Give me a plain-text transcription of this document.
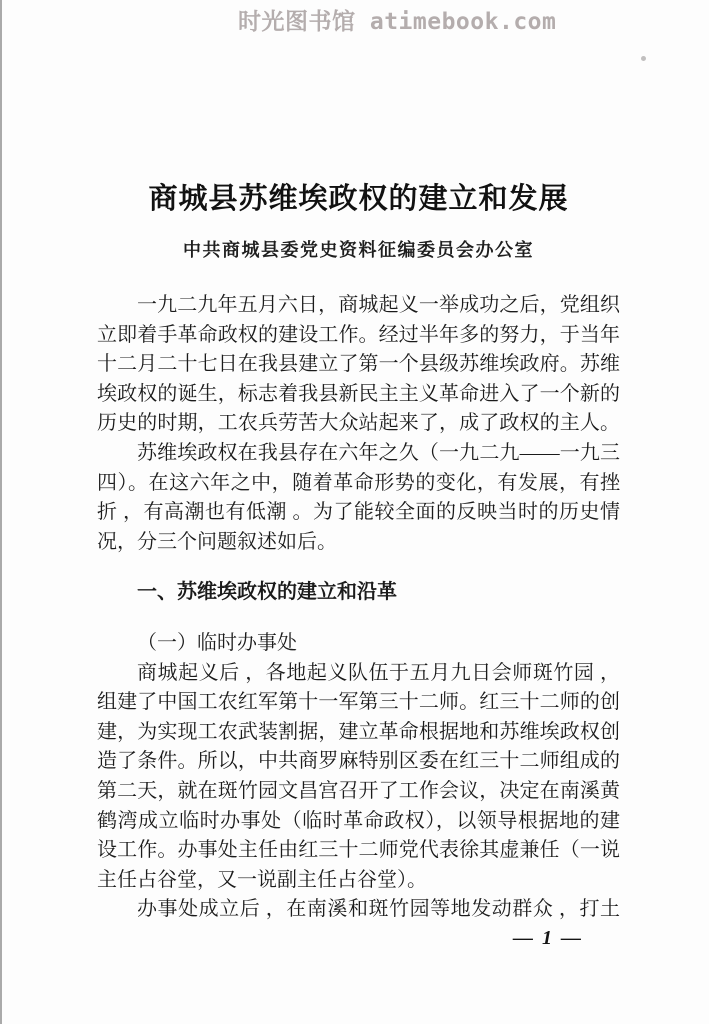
时光图书馆 atimebook.com
商城县苏维埃政权的建立和发展
中共商城县委党史资料征编委员会办公室
一九二九年五月六日，商城起义一举成功之后，党组织
立即着手革命政权的建设工作。经过半年多的努力，于当年
十二月二十七日在我县建立了第一个县级苏维埃政府。苏维
埃政权的诞生，标志着我县新民主主义革命进入了一个新的
历史的时期，工农兵劳苦大众站起来了，成了政权的主人。
苏维埃政权在我县存在六年之久（一九二九——一九三
四）。在这六年之中，随着革命形势的变化，有发展，有挫
折 ，有高潮也有低潮 。为了能较全面的反映当时的历史情
况，分三个问题叙述如后。
一、苏维埃政权的建立和沿革
（一）临时办事处
商城起义后 ，各地起义队伍于五月九日会师斑竹园 ，
组建了中国工农红军第十一军第三十二师。红三十二师的创
建，为实现工农武装割据，建立革命根据地和苏维埃政权创
造了条件。所以，中共商罗麻特别区委在红三十二师组成的
第二天，就在斑竹园文昌宫召开了工作会议，决定在南溪黄
鹤湾成立临时办事处（临时革命政权），以领导根据地的建
设工作。办事处主任由红三十二师党代表徐其虚兼任（一说
主任占谷堂，又一说副主任占谷堂）。
办事处成立后 ，在南溪和斑竹园等地发动群众 ，打土
— 1 —
